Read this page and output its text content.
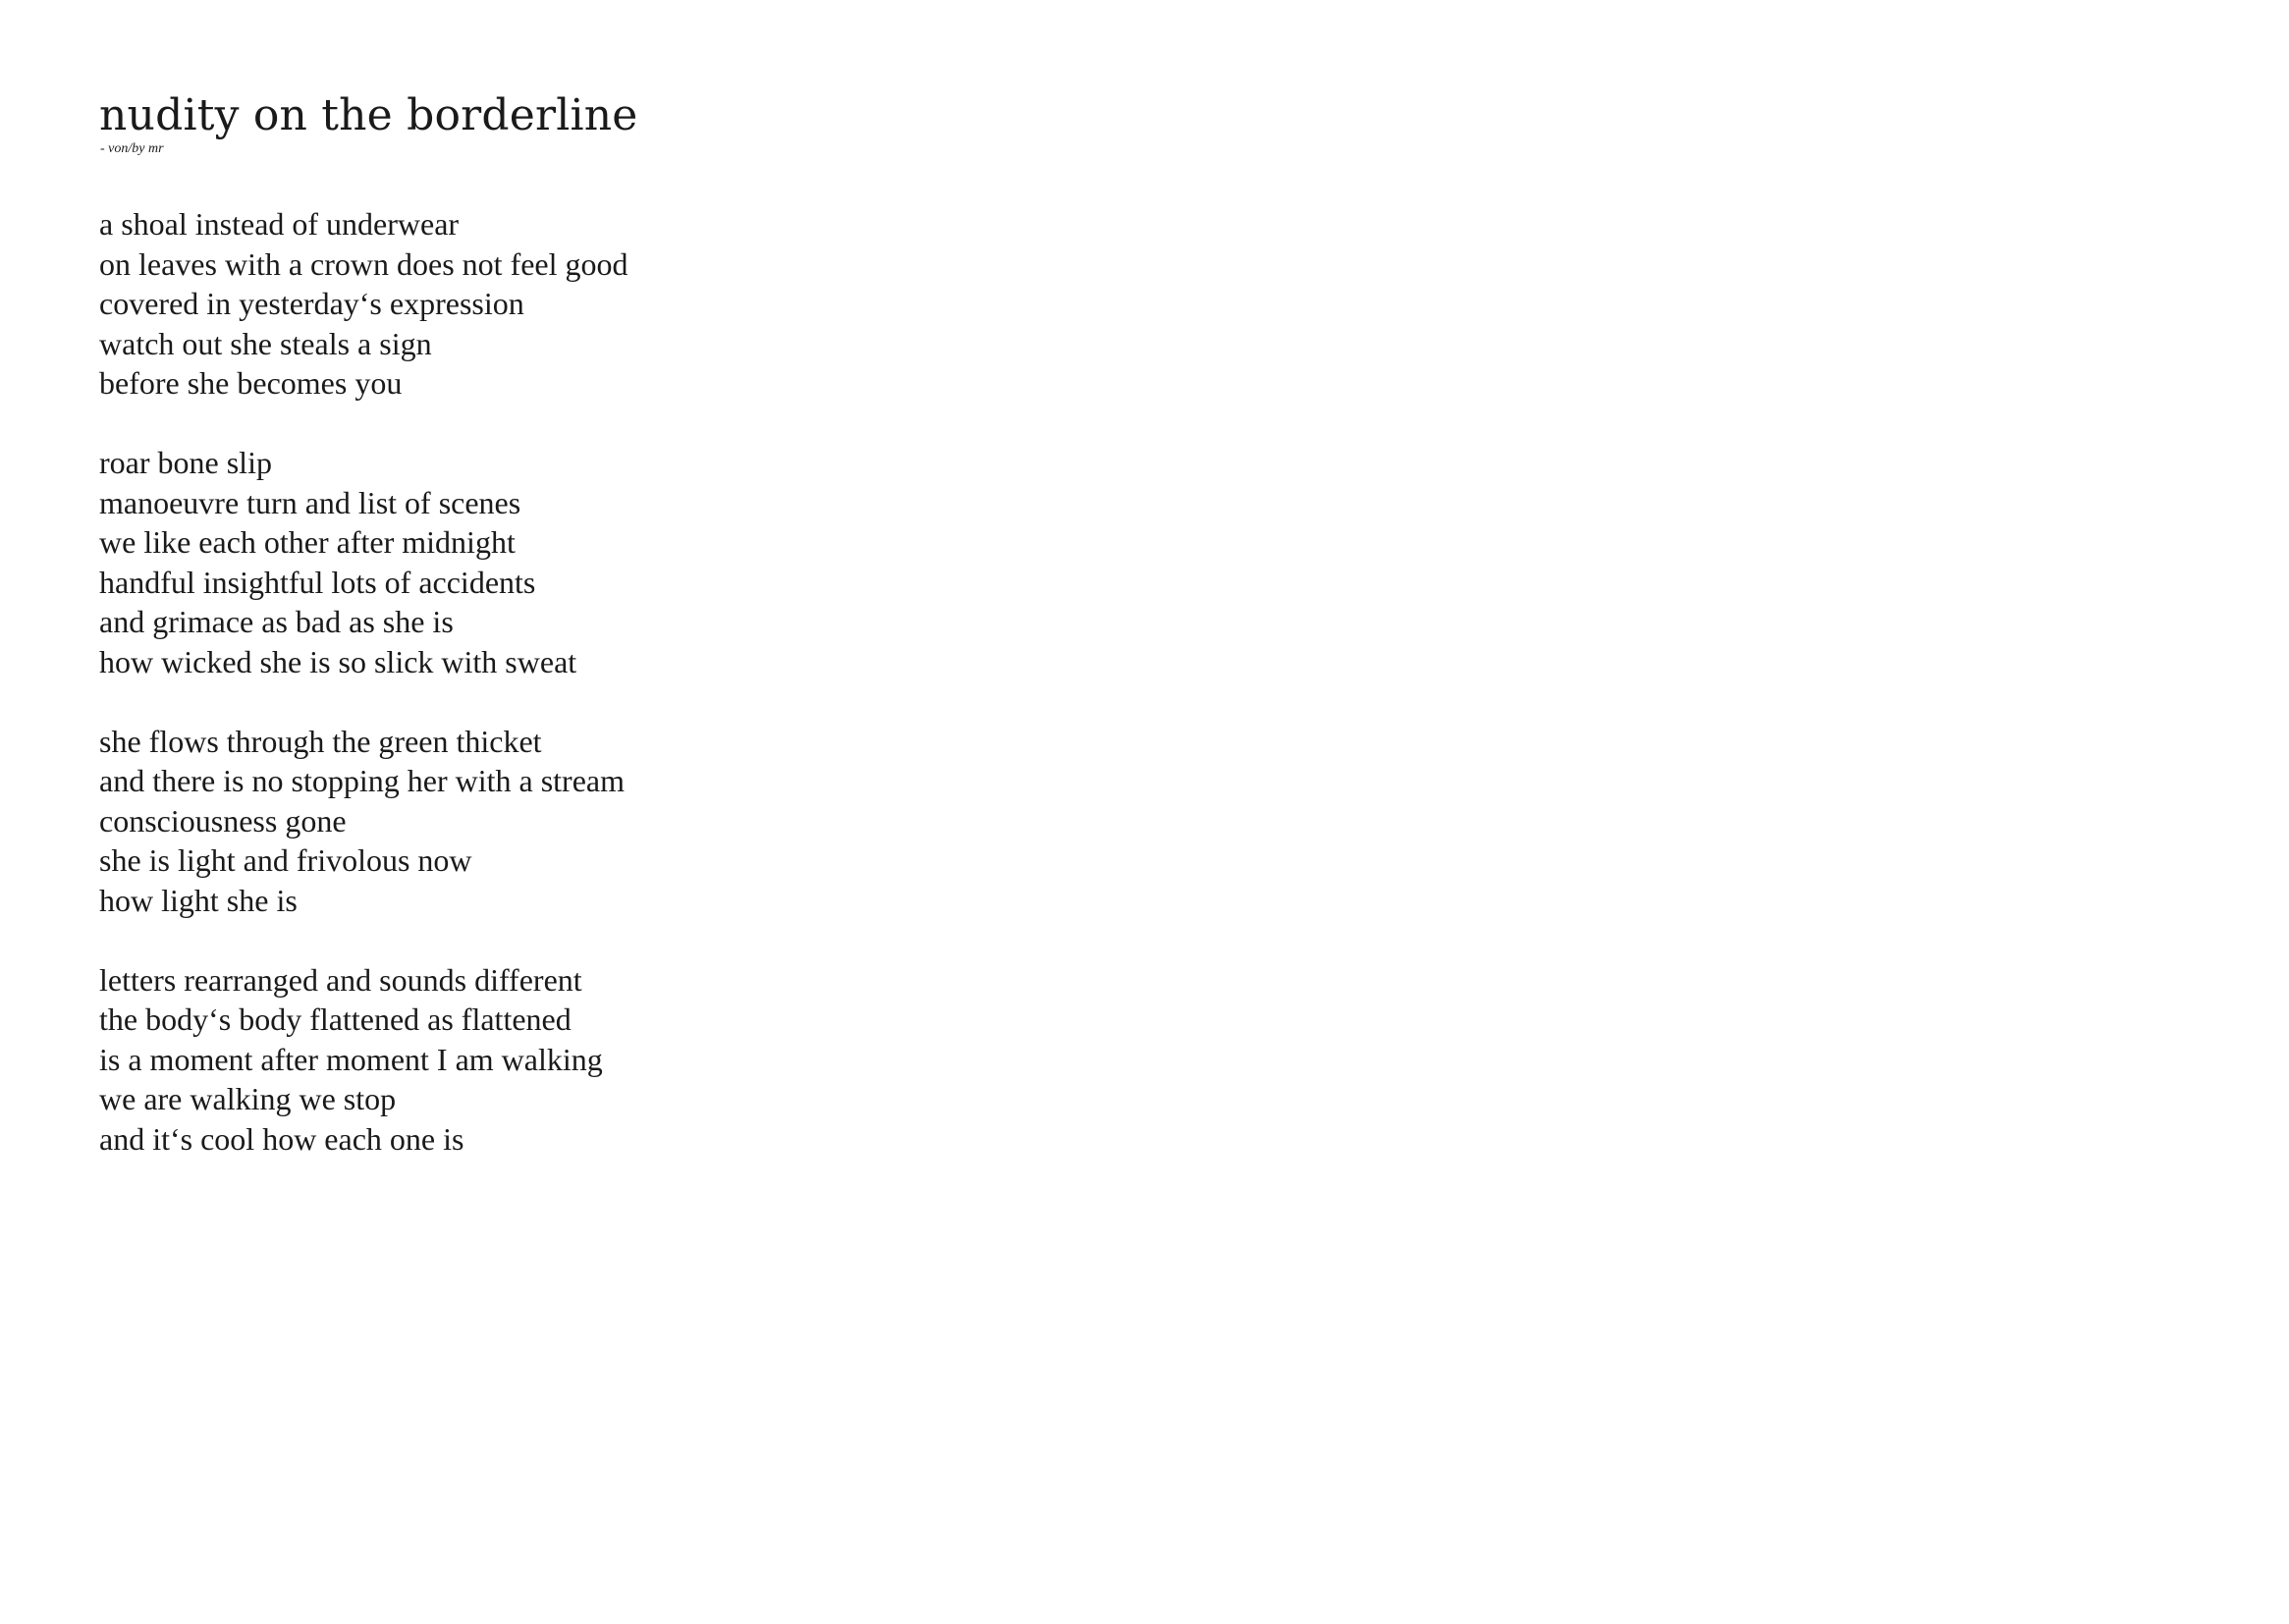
nudity on the borderline

- von/by mr

a shoal instead of underwear
on leaves with a crown does not feel good
covered in yesterday‘s expression
watch out she steals a sign
before she becomes you
roar bone slip
manoeuvre turn and list of scenes
we like each other after midnight
handful insightful lots of accidents
and grimace as bad as she is
how wicked she is so slick with sweat
she flows through the green thicket
and there is no stopping her with a stream
consciousness gone
she is light and frivolous now
how light she is
letters rearranged and sounds different
the body‘s body flattened as flattened
is a moment after moment I am walking
we are walking we stop
and it‘s cool how each one is
